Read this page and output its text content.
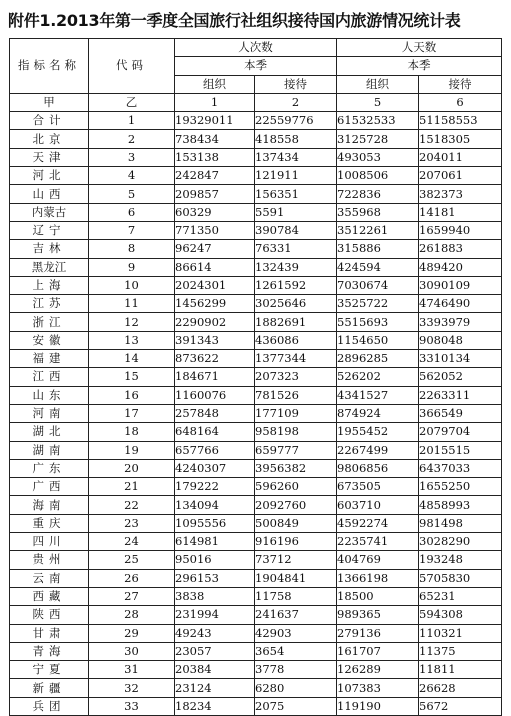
附件1.2013年第一季度全国旅行社组织接待国内旅游情况统计表
指标名称	代码	人次数		人天数	
		本季		本季	
		组织	接待	组织	接待
甲	乙	1	2	5	6
合计	1	19329011	22559776	61532533	51158553
北京	2	738434	418558	3125728	1518305
天津	3	153138	137434	493053	204011
河北	4	242847	121911	1008506	207061
山西	5	209857	156351	722836	382373
内蒙古	6	60329	5591	355968	14181
辽宁	7	771350	390784	3512261	1659940
吉林	8	96247	76331	315886	261883
黑龙江	9	86614	132439	424594	489420
上海	10	2024301	1261592	7030674	3090109
江苏	11	1456299	3025646	3525722	4746490
浙江	12	2290902	1882691	5515693	3393979
安徽	13	391343	436086	1154650	908048
福建	14	873622	1377344	2896285	3310134
江西	15	184671	207323	526202	562052
山东	16	1160076	781526	4341527	2263311
河南	17	257848	177109	874924	366549
湖北	18	648164	958198	1955452	2079704
湖南	19	657766	659777	2267499	2015515
广东	20	4240307	3956382	9806856	6437033
广西	21	179222	596260	673505	1655250
海南	22	134094	2092760	603710	4858993
重庆	23	1095556	500849	4592274	981498
四川	24	614981	916196	2235741	3028290
贵州	25	95016	73712	404769	193248
云南	26	296153	1904841	1366198	5705830
西藏	27	3838	11758	18500	65231
陕西	28	231994	241637	989365	594308
甘肃	29	49243	42903	279136	110321
青海	30	23057	3654	161707	11375
宁夏	31	20384	3778	126289	11811
新疆	32	23124	6280	107383	26628
兵团	33	18234	2075	119190	5672
